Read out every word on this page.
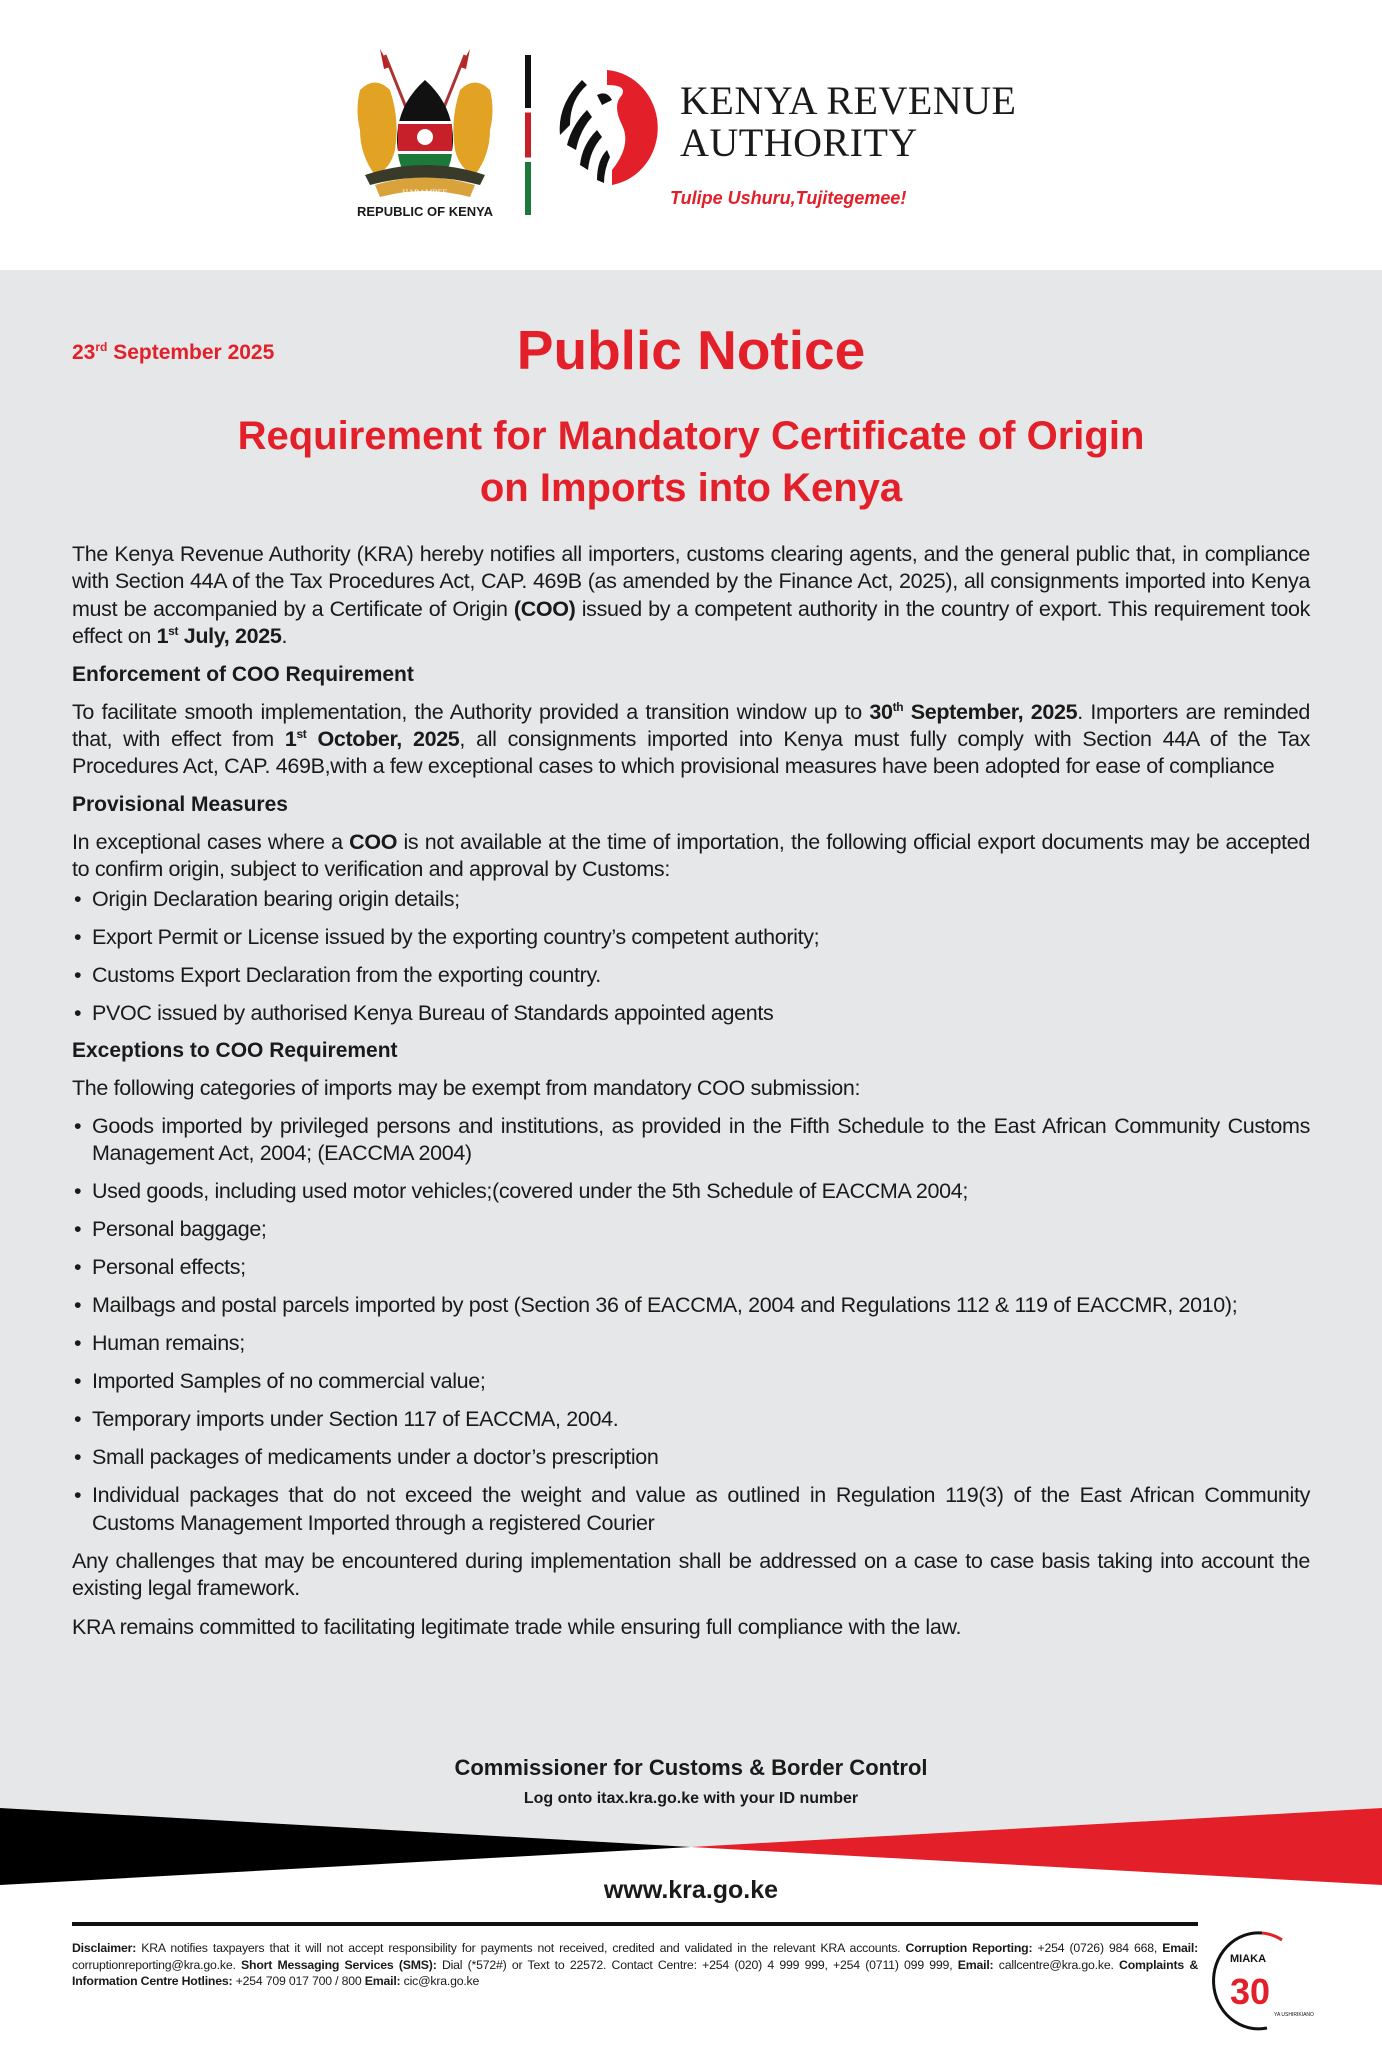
HARAMBEE
REPUBLIC OF KENYA
KENYA REVENUE
AUTHORITY
Tulipe Ushuru,Tujitegemee!
23rd September 2025	Public Notice
Requirement for Mandatory Certificate of Origin
on Imports into Kenya
The Kenya Revenue Authority (KRA) hereby notifies all importers, customs clearing agents, and the general public that, in compliance with Section 44A of the Tax Procedures Act, CAP. 469B (as amended by the Finance Act, 2025), all consignments imported into Kenya must be accompanied by a Certificate of Origin (COO) issued by a competent authority in the country of export. This requirement took effect on 1st July, 2025.
Enforcement of COO Requirement
To facilitate smooth implementation, the Authority provided a transition window up to 30th September, 2025. Importers are reminded that, with effect from 1st October, 2025, all consignments imported into Kenya must fully comply with Section 44A of the Tax Procedures Act, CAP. 469B,with a few exceptional cases to which provisional measures have been adopted for ease of compliance
Provisional Measures
In exceptional cases where a COO is not available at the time of importation, the following official export documents may be accepted to confirm origin, subject to verification and approval by Customs:
• Origin Declaration bearing origin details;
• Export Permit or License issued by the exporting country’s competent authority;
• Customs Export Declaration from the exporting country.
• PVOC issued by authorised Kenya Bureau of Standards appointed agents
Exceptions to COO Requirement
The following categories of imports may be exempt from mandatory COO submission:
• Goods imported by privileged persons and institutions, as provided in the Fifth Schedule to the East African Community Customs Management Act, 2004; (EACCMA 2004)
• Used goods, including used motor vehicles;(covered under the 5th Schedule of EACCMA 2004;
• Personal baggage;
• Personal effects;
• Mailbags and postal parcels imported by post (Section 36 of EACCMA, 2004 and Regulations 112 & 119 of EACCMR, 2010);
• Human remains;
• Imported Samples of no commercial value;
• Temporary imports under Section 117 of EACCMA, 2004.
• Small packages of medicaments under a doctor’s prescription
• Individual packages that do not exceed the weight and value as outlined in Regulation 119(3) of the East African Community Customs Management Imported through a registered Courier
Any challenges that may be encountered during implementation shall be addressed on a case to case basis taking into account the existing legal framework.
KRA remains committed to facilitating legitimate trade while ensuring full compliance with the law.
Commissioner for Customs & Border Control
Log onto itax.kra.go.ke with your ID number
www.kra.go.ke
Disclaimer: KRA notifies taxpayers that it will not accept responsibility for payments not received, credited and validated in the relevant KRA accounts. Corruption Reporting: +254 (0726) 984 668, Email: corruptionreporting@kra.go.ke. Short Messaging Services (SMS): Dial (*572#) or Text to 22572. Contact Centre: +254 (020) 4 999 999, +254 (0711) 099 999, Email: callcentre@kra.go.ke. Complaints & Information Centre Hotlines: +254 709 017 700 / 800 Email: cic@kra.go.ke
MIAKA
30
YA USHIRIKIANO
